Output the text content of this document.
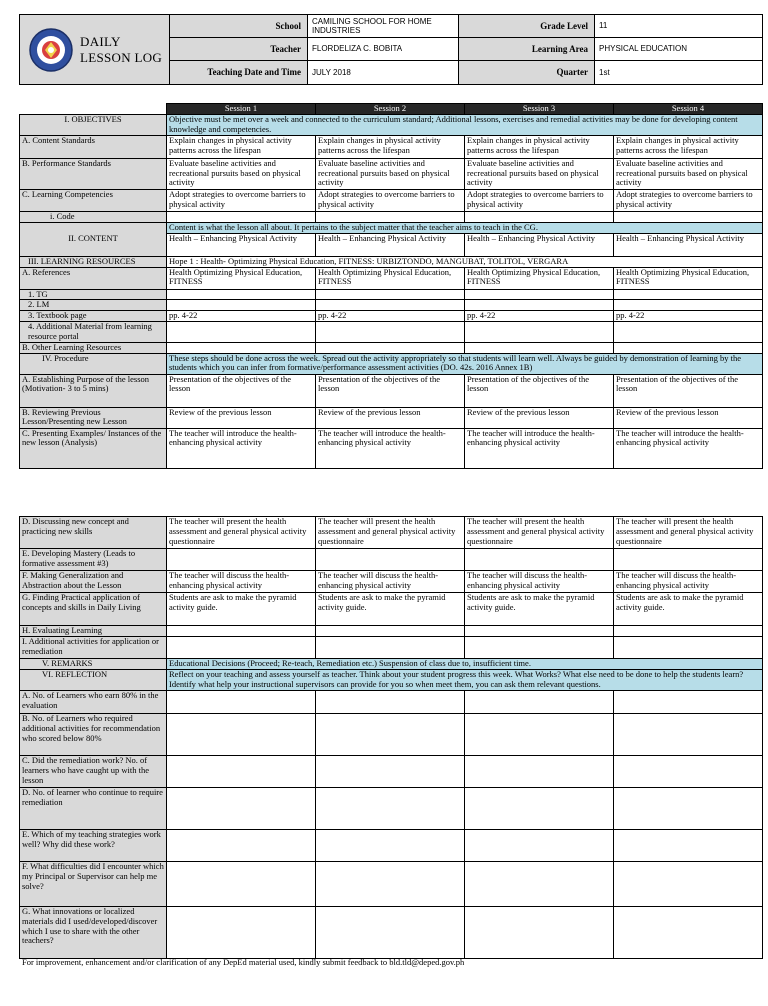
DAILY
LESSON LOG	School	CAMILING SCHOOL FOR HOME INDUSTRIES	Grade Level	11
	Teacher	FLORDELIZA C. BOBITA	Learning Area	PHYSICAL EDUCATION
	Teaching Date and Time	JULY 2018	Quarter	1st
	Session 1	Session 2	Session 3	Session 4
I. OBJECTIVES	Objective must be met over a week and connected to the curriculum standard; Additional lessons, exercises and remedial activities may be done for developing content knowledge and competencies.			
A. Content Standards	Explain changes in physical activity patterns across the lifespan	Explain changes in physical activity patterns across the lifespan	Explain changes in physical activity patterns across the lifespan	Explain changes in physical activity patterns across the lifespan
B. Performance Standards	Evaluate baseline activities and recreational pursuits based on physical activity	Evaluate baseline activities and recreational pursuits based on physical activity	Evaluate baseline activities and recreational pursuits based on physical activity	Evaluate baseline activities and recreational pursuits based on physical activity
C. Learning Competencies	Adopt strategies to overcome barriers to physical activity	Adopt strategies to overcome barriers to physical activity	Adopt strategies to overcome barriers to physical activity	Adopt strategies to overcome barriers to physical activity
i. Code				
II. CONTENT	Content is what the lesson all about. It pertains to the subject matter that the teacher aims to teach in the CG.			
	Health – Enhancing Physical Activity	Health – Enhancing Physical Activity	Health – Enhancing Physical Activity	Health – Enhancing Physical Activity
III. LEARNING RESOURCES	Hope 1 : Health- Optimizing Physical Education, FITNESS: URBIZTONDO, MANGUBAT, TOLITOL, VERGARA			
A. References	Health Optimizing Physical Education, FITNESS	Health Optimizing Physical Education, FITNESS	Health Optimizing Physical Education, FITNESS	Health Optimizing Physical Education, FITNESS
1. TG				
2. LM				
3. Textbook page	pp. 4-22	pp. 4-22	pp. 4-22	pp. 4-22
4. Additional Material from learning resource portal				
B. Other Learning Resources				
IV. Procedure	These steps should be done across the week. Spread out the activity appropriately so that students will learn well. Always be guided by demonstration of learning by the students which you can infer from formative/performance assessment activities (DO. 42s. 2016 Annex 1B)			
A. Establishing Purpose of the lesson (Motivation- 3 to 5 mins)	Presentation of the objectives of the lesson	Presentation of the objectives of the lesson	Presentation of the objectives of the lesson	Presentation of the objectives of the lesson
B. Reviewing Previous Lesson/Presenting new Lesson	Review of the previous lesson	Review of the previous lesson	Review of the previous lesson	Review of the previous lesson
C. Presenting Examples/ Instances of the new lesson (Analysis)	The teacher will introduce the health-enhancing physical activity	The teacher will introduce the health-enhancing physical activity	The teacher will introduce the health-enhancing physical activity	The teacher will introduce the health-enhancing physical activity
D. Discussing new concept and practicing new skills	The teacher will present the health assessment and general physical activity questionnaire	The teacher will present the health assessment and general physical activity questionnaire	The teacher will present the health assessment and general physical activity questionnaire	The teacher will present the health assessment and general physical activity questionnaire
E. Developing Mastery (Leads to formative assessment #3)				
F. Making Generalization and Abstraction about the Lesson	The teacher will discuss the health-enhancing physical activity	The teacher will discuss the health-enhancing physical activity	The teacher will discuss the health-enhancing physical activity	The teacher will discuss the health-enhancing physical activity
G. Finding Practical application of concepts and skills in Daily Living	Students are ask to make the pyramid activity guide.	Students are ask to make the pyramid activity guide.	Students are ask to make the pyramid activity guide.	Students are ask to make the pyramid activity guide.
H. Evaluating Learning				
I. Additional activities for application or remediation				
V. REMARKS	Educational Decisions (Proceed; Re-teach, Remediation etc.) Suspension of class due to, insufficient time.			
VI. REFLECTION	Reflect on your teaching and assess yourself as teacher. Think about your student progress this week. What Works? What else need to be done to help the students learn? Identify what help your instructional supervisors can provide for you so when meet them, you can ask them relevant questions.			
A. No. of Learners who earn 80% in the evaluation				
B. No. of Learners who required additional activities for recommendation who scored below 80%				
C. Did the remediation work? No. of learners who have caught up with the lesson				
D. No. of learner who continue to require remediation				
E. Which of my teaching strategies work well? Why did these work?				
F. What difficulties did I encounter which my Principal or Supervisor can help me solve?				
G. What innovations or localized materials did I used/developed/discover which I use to share with the other teachers?				
For improvement, enhancement and/or clarification of any DepEd material used, kindly submit feedback to bld.tld@deped.gov.ph
